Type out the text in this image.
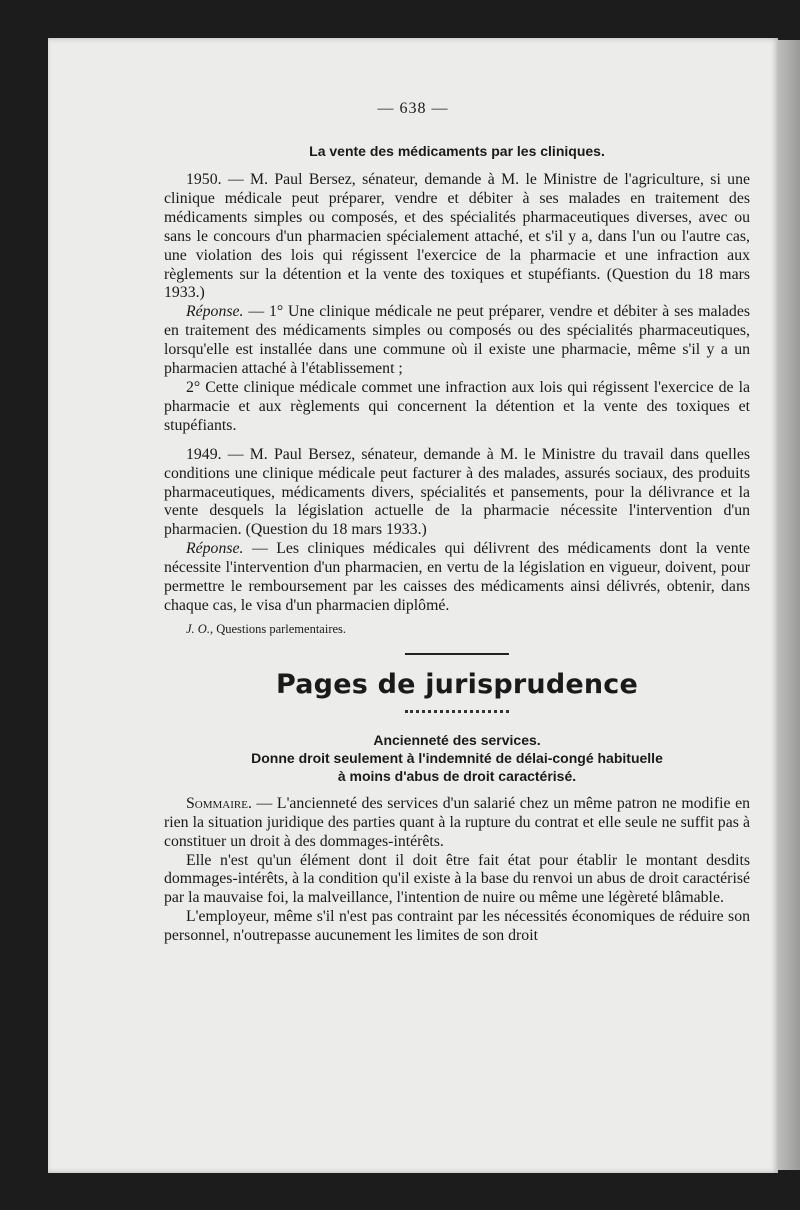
— 638 —
La vente des médicaments par les cliniques.

1950. — M. Paul Bersez, sénateur, demande à M. le Ministre de l'agriculture, si une clinique médicale peut préparer, vendre et débiter à ses malades en traitement des médicaments simples ou composés, et des spécialités pharmaceutiques diverses, avec ou sans le concours d'un pharmacien spécialement attaché, et s'il y a, dans l'un ou l'autre cas, une violation des lois qui régissent l'exercice de la pharmacie et une infraction aux règlements sur la détention et la vente des toxiques et stupéfiants. (Question du 18 mars 1933.)

Réponse. — 1° Une clinique médicale ne peut préparer, vendre et débiter à ses malades en traitement des médicaments simples ou composés ou des spécialités pharmaceutiques, lorsqu'elle est installée dans une commune où il existe une pharmacie, même s'il y a un pharmacien attaché à l'établissement ;

2° Cette clinique médicale commet une infraction aux lois qui régissent l'exercice de la pharmacie et aux règlements qui concernent la détention et la vente des toxiques et stupéfiants.

1949. — M. Paul Bersez, sénateur, demande à M. le Ministre du travail dans quelles conditions une clinique médicale peut facturer à des malades, assurés sociaux, des produits pharmaceutiques, médicaments divers, spécialités et pansements, pour la délivrance et la vente desquels la législation actuelle de la pharmacie nécessite l'intervention d'un pharmacien. (Question du 18 mars 1933.)

Réponse. — Les cliniques médicales qui délivrent des médicaments dont la vente nécessite l'intervention d'un pharmacien, en vertu de la législation en vigueur, doivent, pour permettre le remboursement par les caisses des médicaments ainsi délivrés, obtenir, dans chaque cas, le visa d'un pharmacien diplômé.

J. O., Questions parlementaires.
Pages de jurisprudence
Ancienneté des services.
Donne droit seulement à l'indemnité de délai-congé habituelle
à moins d'abus de droit caractérisé.

Sommaire. — L'ancienneté des services d'un salarié chez un même patron ne modifie en rien la situation juridique des parties quant à la rupture du contrat et elle seule ne suffit pas à constituer un droit à des dommages-intérêts.

Elle n'est qu'un élément dont il doit être fait état pour établir le montant desdits dommages-intérêts, à la condition qu'il existe à la base du renvoi un abus de droit caractérisé par la mauvaise foi, la malveillance, l'intention de nuire ou même une légèreté blâmable.

L'employeur, même s'il n'est pas contraint par les nécessités économiques de réduire son personnel, n'outrepasse aucunement les limites de son droit
